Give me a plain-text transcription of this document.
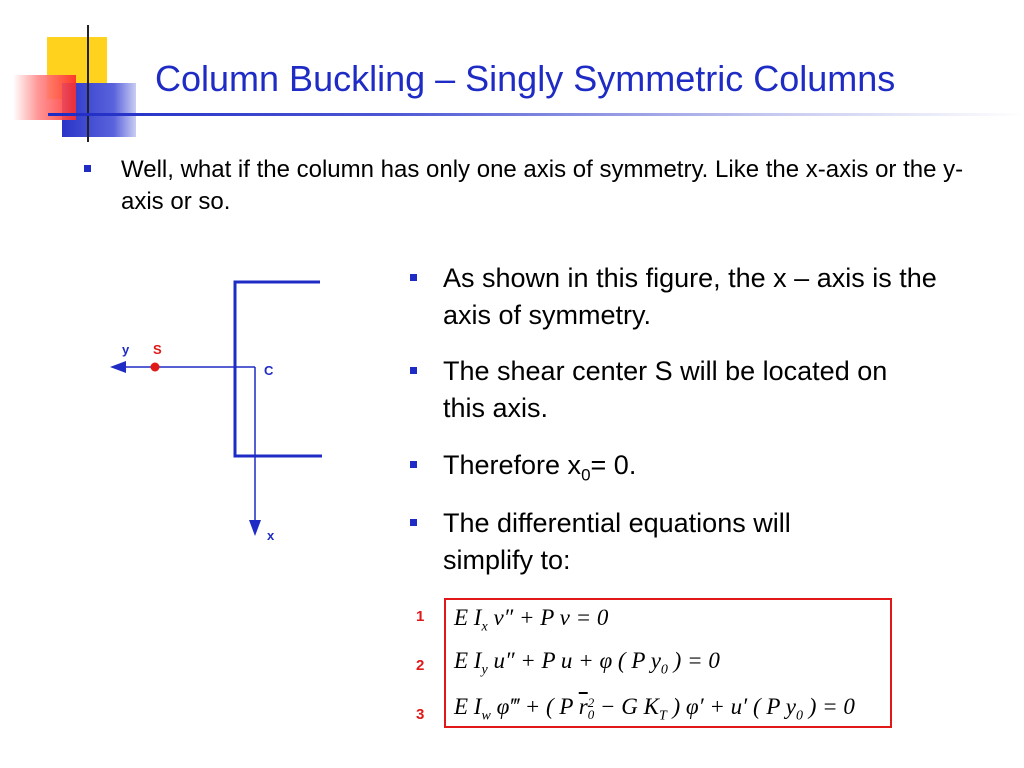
Column Buckling – Singly Symmetric Columns
Well, what if the column has only one axis of symmetry. Like the x-axis or the y-axis or so.
y S
C
x
As shown in this figure, the x – axis is the axis of symmetry.
The shear center S will be located on this axis.
Therefore $x_0= 0$.
The differential equations will simplify to:
1
2
3
E $I_x$ v″ + P v = 0
E $I_y$ u″ + P u + φ ( P $y_0$ ) = 0
E $I_w$ φ‴ + ( P $\overline{r}$ 2
0 − G $K_T$ ) φ′ + u′ ( P $y_0$ ) = 0
